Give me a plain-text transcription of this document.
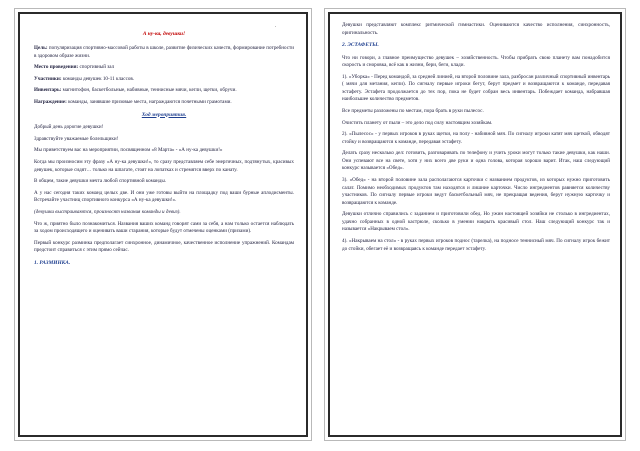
.
А ну-ка, девушки!

Цель: популяризация спортивно-массовой работы в школе, развитие физических качеств, формирование потребности в здоровом образе жизни.

Место проведения: спортивный зал

Участники: команды девушек 10-11 классов.

Инвентарь: магнитофон, баскетбольные, набивные, теннисные мячи, кегли, щетки, обручи.

Награждение: команды, занявшие призовые места, награждаются почетными грамотами.

Ход мероприятия.

Добрый день дорогие девушки!

Здравствуйте уважаемые болельщики!

Мы приветствуем вас на мероприятии, посвященном «8 Марта» - «А ну-ка девушки!»

Когда мы произносим эту фразу «А ну-ка девушки!», то сразу представляем себе энергичных, подтянутых, красивых девушек, которые сидят… только на шпагате, стоят на лопатках и стремятся вверх по канату.

В общем, такие девушки мечта любой спортивной команды.

А у нас сегодня таких команд целых две. И они уже готовы выйти на площадку под ваши бурные аплодисменты. Встречайте участниц спортивного конкурса «А ну-ка девушки!».

(девушки выстраиваются, произносят названия команды и девиз).

Что ж, приятно было познакомиться. Названия ваших команд говорят сами за себя, а нам только остается наблюдать за ходом происходящего и оценивать ваши старания, которые будут отмечены оценками (призами).

Первый конкурс разминка предполагает синхронное, динамичное, качественное исполнение упражнений. Командам предстоит справиться с этим прямо сейчас.

1. РАЗМИНКА.

Девушки представляют комплекс ритмической гимнастики. Оцениваются качество исполнения, синхронность, оригинальность.

2. ЭСТАФЕТЫ.

Что ни говори, а главное преимущество девушек – хозяйственность. Чтобы прибрать свою планету вам понадобится скорость и сноровка, всё как в жизни, бери, беги, клади.

1). «Уборка» - Перед командой, за средней линией, на второй половине зала, разбросан различный спортивный инвентарь ( мячи для метания, кегли). По сигналу первые игроки бегут, берут предмет и возвращаются к команде, передавая эстафету. Эстафета продолжается до тех пор, пока не будет собран весь инвентарь. Побеждает команда, набравшая наибольшее количество предметов.

Все предметы разложены по местам, пора брать в руки пылесос.

Очистить планету от пыли – это дело под силу настоящим хозяйкам.

2). «Пылесос» - у первых игроков в руках щетки, на полу - набивной мяч. По сигналу игроки катят мяч щеткой, обводят стойку и возвращаются к команде, передавая эстафету.

Делать сразу несколько дел: готовить, разговаривать по телефону и учить уроки могут только такие девушки, как наши. Они успевают все на свете, хотя у них всего две руки и одна голова, которая хорошо варит. Итак, наш следующий конкурс называется «Обед».

3). «Обед» - на второй половине зала располагаются карточки с названием продуктов, из которых нужно приготовить салат. Помимо необходимых продуктов там находятся и лишние карточки. Число ингредиентов равняется количеству участников. По сигналу первые игроки ведут баскетбольный мяч, не прекращая ведения, берут нужную карточку и возвращаются к команде.

Девушки отлично справились с заданием и приготовили обед. Но ужин настоящей хозяйки не столько в ингредиентах, удачно собранных в одной кастрюле, сколько в умении накрыть красивый стол. Наш следующий конкурс так и называется «Накрываем стол».

4). «Накрываем на стол» - в руках первых игроков поднос (тарелка), на подносе теннисный мяч. По сигналу игрок бежит до стойки, обегает её и возвращаясь к команде передает эстафету.
